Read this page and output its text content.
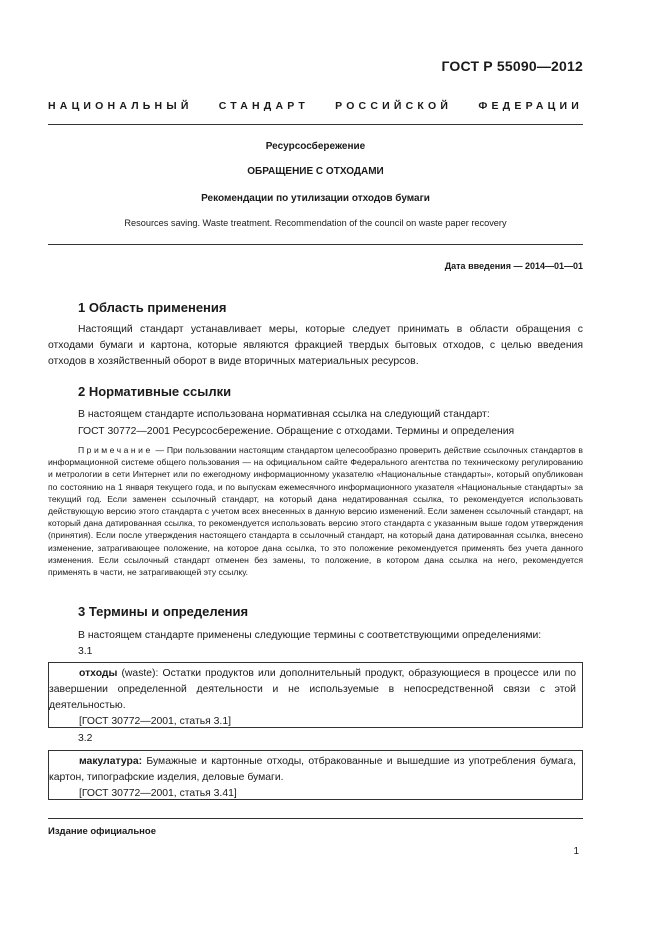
ГОСТ Р 55090—2012
НАЦИОНАЛЬНЫЙ СТАНДАРТ РОССИЙСКОЙ ФЕДЕРАЦИИ
Ресурсосбережение
ОБРАЩЕНИЕ С ОТХОДАМИ
Рекомендации по утилизации отходов бумаги
Resources saving. Waste treatment. Recommendation of the council on waste paper recovery
Дата введения — 2014—01—01
1 Область применения

Настоящий стандарт устанавливает меры, которые следует принимать в области обращения с отходами бумаги и картона, которые являются фракцией твердых бытовых отходов, с целью введения отходов в хозяйственный оборот в виде вторичных материальных ресурсов.

2 Нормативные ссылки
В настоящем стандарте использована нормативная ссылка на следующий стандарт:
ГОСТ 30772—2001 Ресурсосбережение. Обращение с отходами. Термины и определения

Примечание — При пользовании настоящим стандартом целесообразно проверить действие ссылочных стандартов в информационной системе общего пользования — на официальном сайте Федерального агентства по техническому регулированию и метрологии в сети Интернет или по ежегодному информационному указателю «Национальные стандарты», который опубликован по состоянию на 1 января текущего года, и по выпускам ежемесячного информационного указателя «Национальные стандарты» за текущий год. Если заменен ссылочный стандарт, на который дана недатированная ссылка, то рекомендуется использовать действующую версию этого стандарта с учетом всех внесенных в данную версию изменений. Если заменен ссылочный стандарт, на который дана датированная ссылка, то рекомендуется использовать версию этого стандарта с указанным выше годом утверждения (принятия). Если после утверждения настоящего стандарта в ссылочный стандарт, на который дана датированная ссылка, внесено изменение, затрагивающее положение, на которое дана ссылка, то это положение рекомендуется применять без учета данного изменения. Если ссылочный стандарт отменен без замены, то положение, в котором дана ссылка на него, рекомендуется применять в части, не затрагивающей эту ссылку.

3 Термины и определения
В настоящем стандарте применены следующие термины с соответствующими определениями:
3.1

отходы (waste): Остатки продуктов или дополнительный продукт, образующиеся в процессе или по завершении определенной деятельности и не используемые в непосредственной связи с этой деятельностью.

[ГОСТ 30772—2001, статья 3.1]

3.2

макулатура: Бумажные и картонные отходы, отбракованные и вышедшие из употребления бумага, картон, типографские изделия, деловые бумаги.

[ГОСТ 30772—2001, статья 3.41]

Издание официальное
1
